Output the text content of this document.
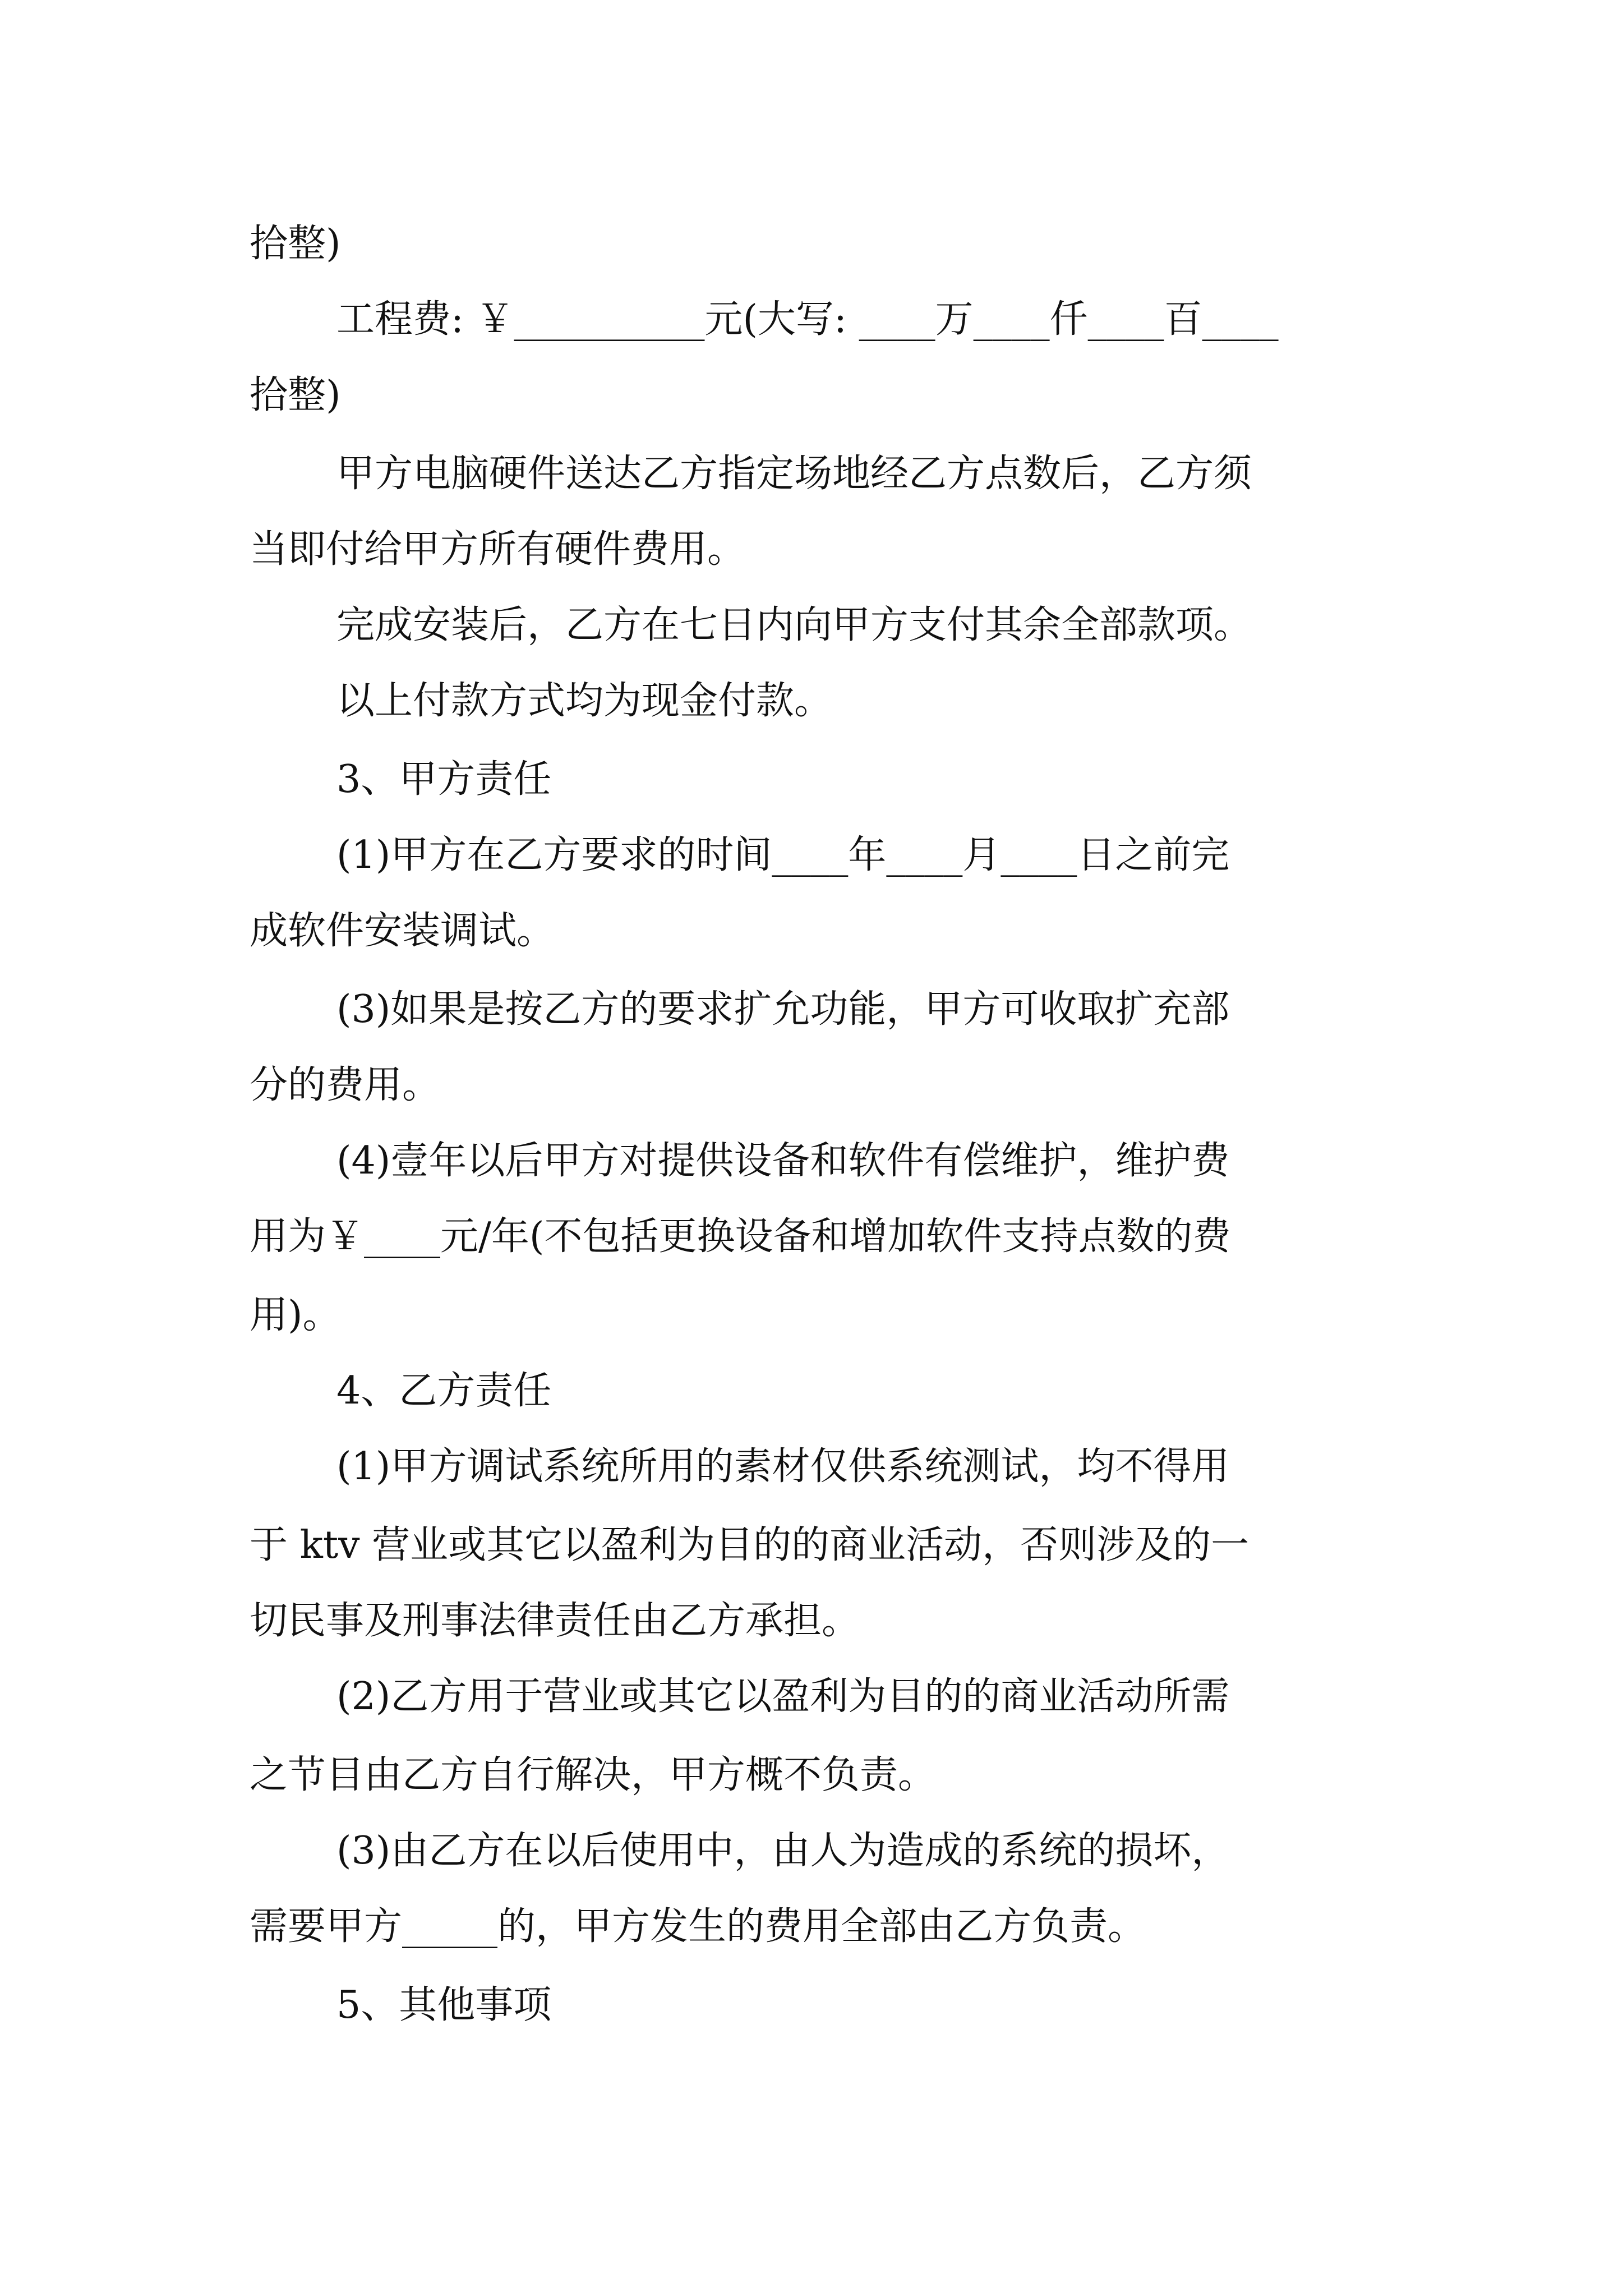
拾整)
工程费: ￥__________元(大写: ____万____仟____百____
拾整)
甲方电脑硬件送达乙方指定场地经乙方点数后，乙方须
当即付给甲方所有硬件费用。
完成安装后，乙方在七日内向甲方支付其余全部款项。
以上付款方式均为现金付款。
3、甲方责任
(1)甲方在乙方要求的时间____年____月____日之前完
成软件安装调试。
(3)如果是按乙方的要求扩允功能，甲方可收取扩充部
分的费用。
(4)壹年以后甲方对提供设备和软件有偿维护，维护费
用为￥____元/年(不包括更换设备和增加软件支持点数的费
用)。
4、乙方责任
(1)甲方调试系统所用的素材仅供系统测试，均不得用
于 ktv 营业或其它以盈利为目的的商业活动，否则涉及的一
切民事及刑事法律责任由乙方承担。
(2)乙方用于营业或其它以盈利为目的的商业活动所需
之节目由乙方自行解决，甲方概不负责。
(3)由乙方在以后使用中，由人为造成的系统的损坏，
需要甲方_____的，甲方发生的费用全部由乙方负责。
5、其他事项
